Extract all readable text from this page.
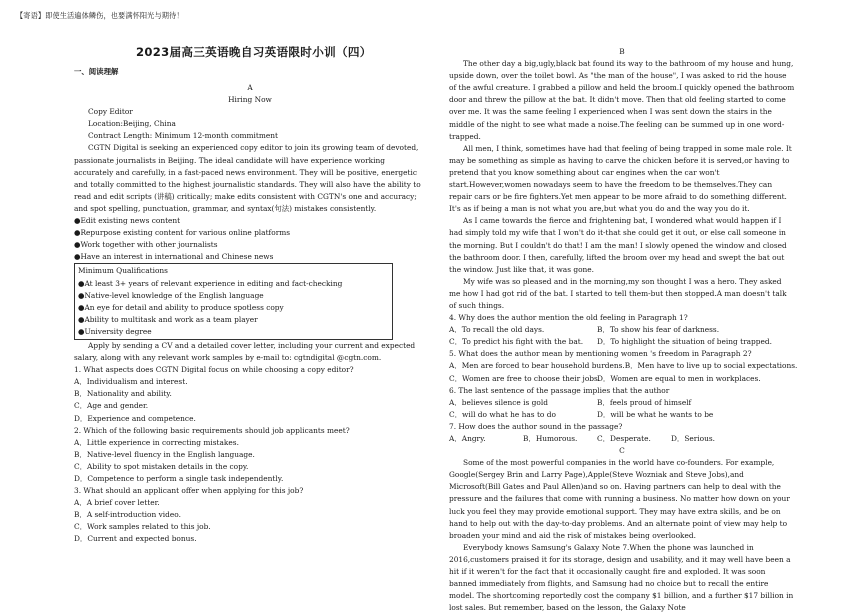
【寄语】即使生活遍体鳞伤，也要满怀阳光与期待！
2023届高三英语晚自习英语限时小训（四）
一、阅读理解
A
Hiring Now
Copy Editor
Location:Beijing, China
Contract Length: Minimum 12-month commitment

CGTN Digital is seeking an experienced copy editor to join its growing team of devoted, passionate journalists in Beijing. The ideal candidate will have experience working accurately and carefully, in a fast-paced news environment. They will be positive, energetic and totally committed to the highest journalistic standards. They will also have the ability to read and edit scripts (讲稿) critically; make edits consistent with CGTN's one and accuracy; and spot spelling, punctuation, grammar, and syntax(句法) mistakes consistently.

●Edit existing news content
●Repurpose existing content for various online platforms
●Work together with other journalists
●Have an interest in international and Chinese news
Minimum Qualifications
●At least 3+ years of relevant experience in editing and fact-checking
●Native-level knowledge of the English language
●An eye for detail and ability to produce spotless copy
●Ability to multitask and work as a team player
●University degree

Apply by sending a CV and a detailed cover letter, including your current and expected salary, along with any relevant work samples by e-mail to: cgtndigital @cgtn.com.

1. What aspects does CGTN Digital focus on while choosing a copy editor?
A．Individualism and interest.
B．Nationality and ability.
C．Age and gender.
D．Experience and competence.
2. Which of the following basic requirements should job applicants meet?
A．Little experience in correcting mistakes.
B．Native-level fluency in the English language.
C．Ability to spot mistaken details in the copy.
D．Competence to perform a single task independently.
3. What should an applicant offer when applying for this job?
A．A brief cover letter.
B．A self-introduction video.
C．Work samples related to this job.
D．Current and expected bonus.
B

The other day a big,ugly,black bat found its way to the bathroom of my house and hung, upside down, over the toilet bowl. As "the man of the house", I was asked to rid the house of the awful creature. I grabbed a pillow and held the broom.I quickly opened the bathroom door and threw the pillow at the bat. It didn't move. Then that old feeling started to come over me. It was the same feeling I experienced when I was sent down the stairs in the middle of the night to see what made a noise.The feeling can be summed up in one word-trapped.

All men, I think, sometimes have had that feeling of being trapped in some male role. It may be something as simple as having to carve the chicken before it is served,or having to pretend that you know something about car engines when the car won't start.However,women nowadays seem to have the freedom to be themselves.They can repair cars or be fire fighters.Yet men appear to be more afraid to do something different. It's as if being a man is not what you are,but what you do and the way you do it.

As I came towards the fierce and frightening bat, I wondered what would happen if I had simply told my wife that I won't do it-that she could get it out, or else call someone in the morning. But I couldn't do that! I am the man! I slowly opened the window and closed the bathroom door. I then, carefully, lifted the broom over my head and swept the bat out the window. Just like that, it was gone.

My wife was so pleased and in the morning,my son thought I was a hero. They asked me how I had got rid of the bat. I started to tell them-but then stopped.A man doesn't talk of such things.

4. Why does the author mention the old feeling in Paragraph 1?
A．To recall the old days.	B．To show his fear of darkness.
C．To predict his fight with the bat.	D．To highlight the situation of being trapped.
5. What does the author mean by mentioning women 's freedom in Paragraph 2?
A．Men are forced to bear household burdens. B．Men have to live up to social expectations.
C．Women are free to choose their jobs.
D．Women are equal to men in workplaces.
6. The last sentence of the passage implies that the author
A．believes silence is gold	B．feels proud of himself
C．will do what he has to do	D．will be what he wants to be
7. How does the author sound in the passage?
A．Angry.	B．Humorous.	C．Desperate.	D．Serious.
C

Some of the most powerful companies in the world have co-founders. For example, Google(Sergey Brin and Larry Page),Apple(Steve Wozniak and Steve Jobs),and Microsoft(Bill Gates and Paul Allen)and so on. Having partners can help to deal with the pressure and the failures that come with running a business. No matter how down on your luck you feel they may provide emotional support. They may have extra skills, and be on hand to help out with the day-to-day problems. And an alternate point of view may help to broaden your mind and aid the risk of mistakes being overlooked.

Everybody knows Samsung's Galaxy Note 7.When the phone was launched in 2016,customers praised it for its storage, design and usability, and it may well have been a hit if it weren't for the fact that it occasionally caught fire and exploded. It was soon banned immediately from flights, and Samsung had no choice but to recall the entire model. The shortcoming reportedly cost the company $1 billion, and a further $17 billion in lost sales. But remember, based on the lesson, the Galaxy Note
